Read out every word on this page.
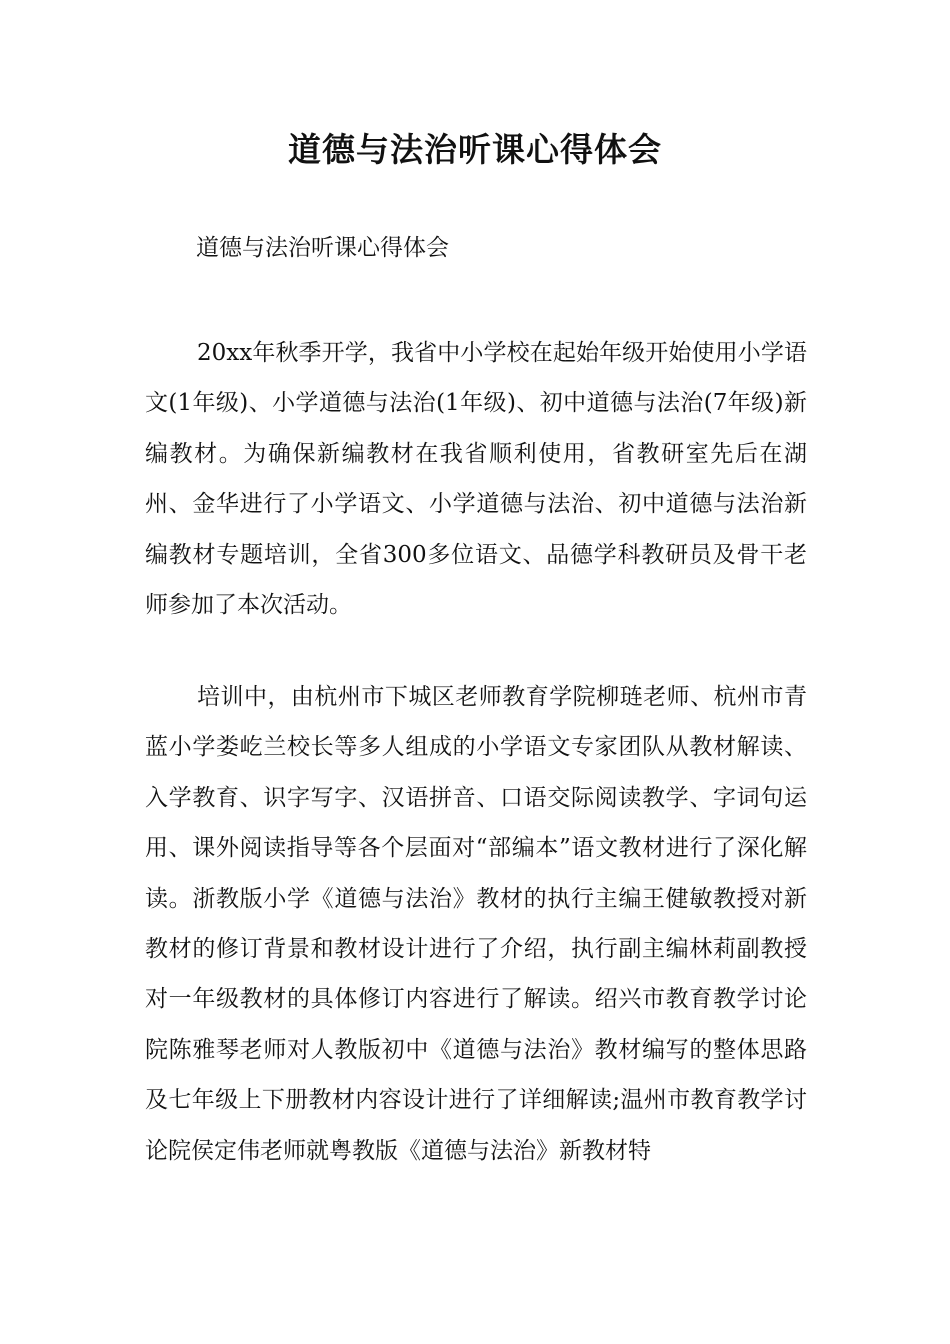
道德与法治听课心得体会

道德与法治听课心得体会

20xx年秋季开学，我省中小学校在起始年级开始使用小学语文(1年级)、小学道德与法治(1年级)、初中道德与法治(7年级)新编教材。为确保新编教材在我省顺利使用，省教研室先后在湖州、金华进行了小学语文、小学道德与法治、初中道德与法治新编教材专题培训，全省300多位语文、品德学科教研员及骨干老师参加了本次活动。

培训中，由杭州市下城区老师教育学院柳琏老师、杭州市青蓝小学娄屹兰校长等多人组成的小学语文专家团队从教材解读、入学教育、识字写字、汉语拼音、口语交际阅读教学、字词句运用、课外阅读指导等各个层面对“部编本”语文教材进行了深化解读。浙教版小学《道德与法治》教材的执行主编王健敏教授对新教材的修订背景和教材设计进行了介绍，执行副主编林莉副教授对一年级教材的具体修订内容进行了解读。绍兴市教育教学讨论院陈雅琴老师对人教版初中《道德与法治》教材编写的整体思路及七年级上下册教材内容设计进行了详细解读;温州市教育教学讨论院侯定伟老师就粤教版《道德与法治》新教材特
